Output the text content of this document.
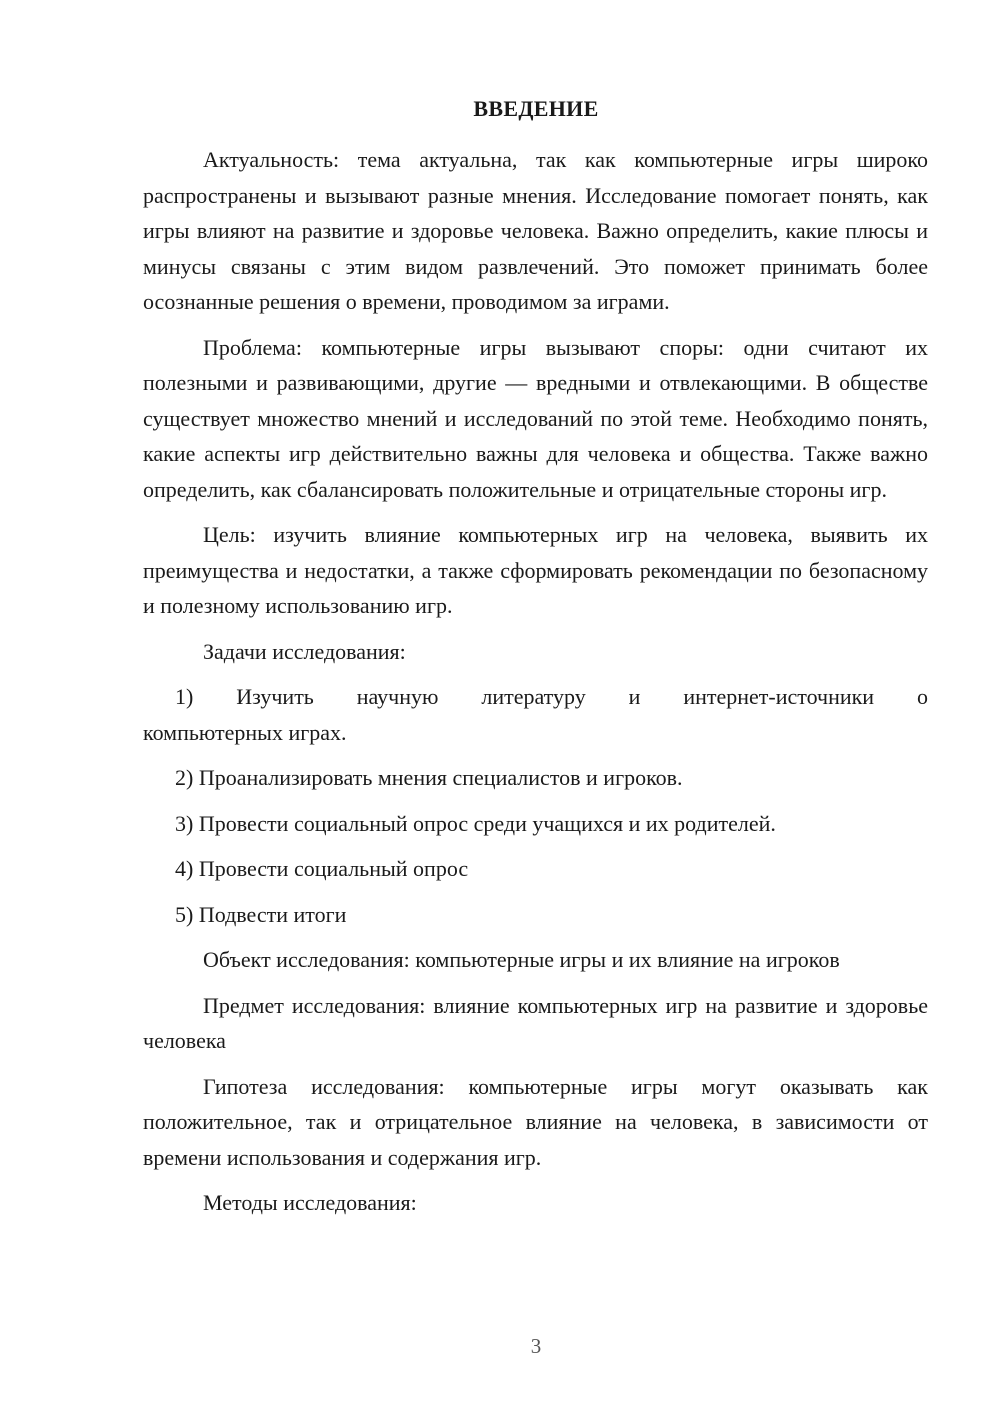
ВВЕДЕНИЕ

Актуальность: тема актуальна, так как компьютерные игры широко распространены и вызывают разные мнения. Исследование помогает понять, как игры влияют на развитие и здоровье человека. Важно определить, какие плюсы и минусы связаны с этим видом развлечений. Это поможет принимать более осознанные решения о времени, проводимом за играми.

Проблема: компьютерные игры вызывают споры: одни считают их полезными и развивающими, другие — вредными и отвлекающими. В обществе существует множество мнений и исследований по этой теме. Необходимо понять, какие аспекты игр действительно важны для человека и общества. Также важно определить, как сбалансировать положительные и отрицательные стороны игр.

Цель: изучить влияние компьютерных игр на человека, выявить их преимущества и недостатки, а также сформировать рекомендации по безопасному и полезному использованию игр.

Задачи исследования:

1) Изучить научную литературу и интернет-источники о
компьютерных играх.

2) Проанализировать мнения специалистов и игроков.

3) Провести социальный опрос среди учащихся и их родителей.

4) Провести социальный опрос

5) Подвести итоги

Объект исследования: компьютерные игры и их влияние на игроков

Предмет исследования: влияние компьютерных игр на развитие и здоровье человека

Гипотеза исследования: компьютерные игры могут оказывать как положительное, так и отрицательное влияние на человека, в зависимости от времени использования и содержания игр.

Методы исследования:

3
